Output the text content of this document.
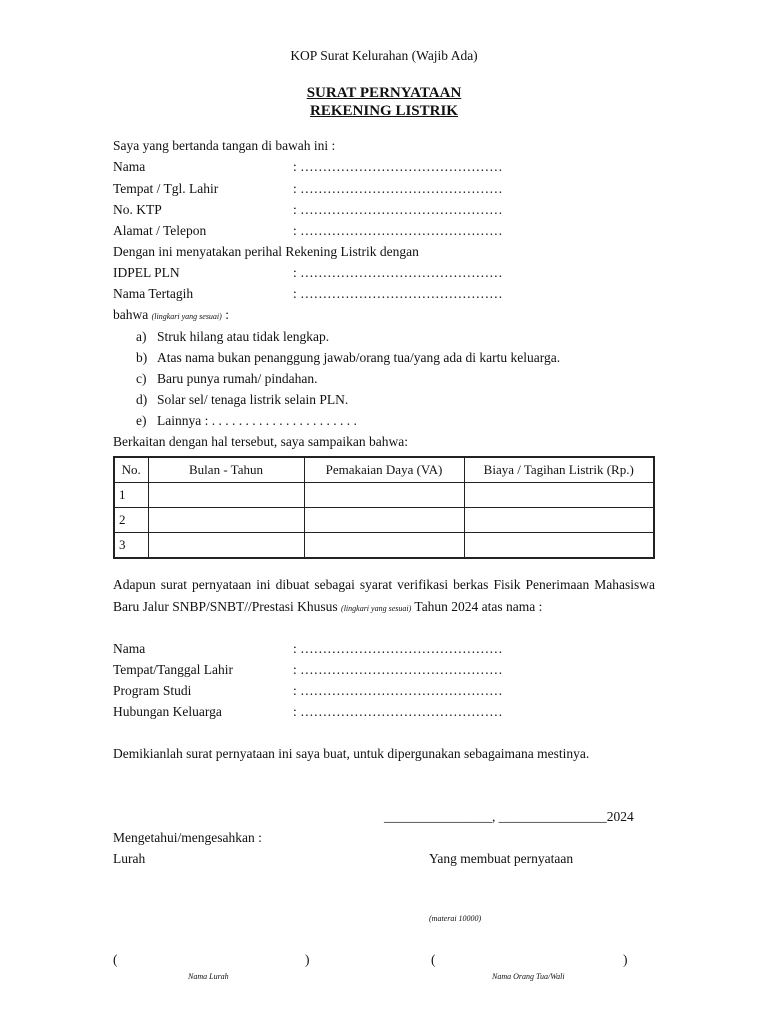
KOP Surat Kelurahan (Wajib Ada)
SURAT PERNYATAAN
REKENING LISTRIK
Saya yang bertanda tangan di bawah ini :
Nama	: ………………………………………
Tempat / Tgl. Lahir	: ………………………………………
No. KTP	: ………………………………………
Alamat / Telepon	: ………………………………………
Dengan ini menyatakan perihal Rekening Listrik dengan
IDPEL PLN	: ………………………………………
Nama Tertagih	: ………………………………………
bahwa (lingkari yang sesuai) :
a) Struk hilang atau tidak lengkap.
b) Atas nama bukan penanggung jawab/orang tua/yang ada di kartu keluarga.
c) Baru punya rumah/ pindahan.
d) Solar sel/ tenaga listrik selain PLN.
e) Lainnya : . . . . . . . . . . . . . . . . . . . . . .
Berkaitan dengan hal tersebut, saya sampaikan bahwa:
No.	Bulan - Tahun	Pemakaian Daya (VA)	Biaya / Tagihan Listrik (Rp.)
1			
2			
3			
Adapun surat pernyataan ini dibuat sebagai syarat verifikasi berkas Fisik Penerimaan Mahasiswa Baru Jalur SNBP/SNBT//Prestasi Khusus (lingkari yang sesuai) Tahun 2024 atas nama :
Nama	: ………………………………………
Tempat/Tanggal Lahir	: ………………………………………
Program Studi	: ………………………………………
Hubungan Keluarga	: ………………………………………
Demikianlah surat pernyataan ini saya buat, untuk dipergunakan sebagaimana mestinya.
________________, ________________2024
Mengetahui/mengesahkan :
Lurah	Yang membuat pernyataan
(materai 10000)
(	)	(	)
Nama Lurah	Nama Orang Tua/Wali
